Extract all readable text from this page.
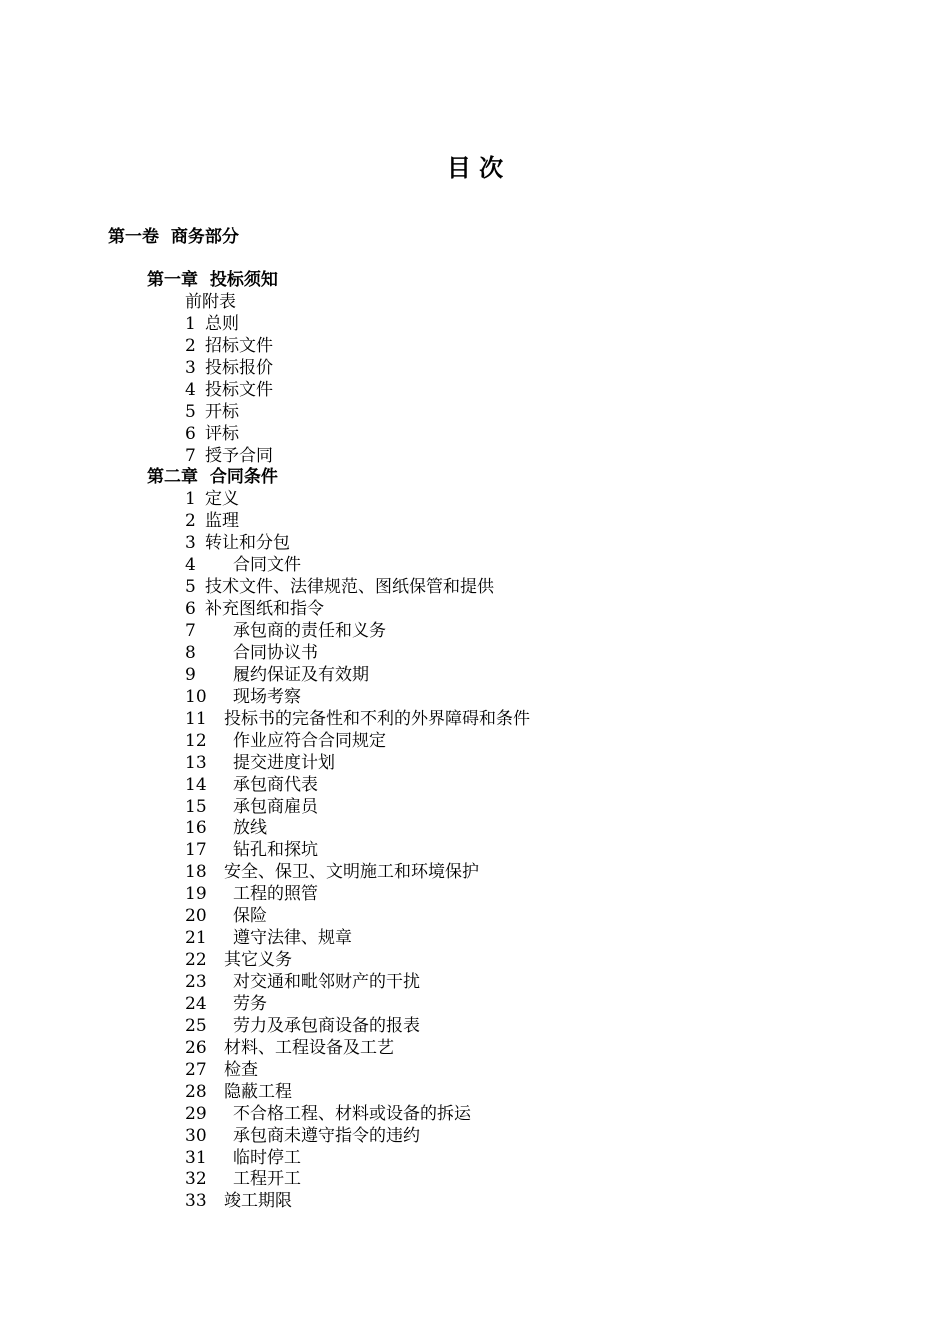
目 次
第一卷  商务部分

第一章  投标须知

前附表

1 总则
2 招标文件
3 投标报价
4 投标文件
5 开标
6 评标
7 授予合同

第二章  合同条件

1 定义
2 监理
3 转让和分包
4 合同文件
5 技术文件、法律规范、图纸保管和提供
6 补充图纸和指令
7 承包商的责任和义务
8 合同协议书
9 履约保证及有效期
10 现场考察
11 投标书的完备性和不利的外界障碍和条件
12 作业应符合合同规定
13 提交进度计划
14 承包商代表
15 承包商雇员
16 放线
17 钻孔和探坑
18 安全、保卫、文明施工和环境保护
19 工程的照管
20 保险
21 遵守法律、规章
22 其它义务
23 对交通和毗邻财产的干扰
24 劳务
25 劳力及承包商设备的报表
26 材料、工程设备及工艺
27 检查
28 隐蔽工程
29 不合格工程、材料或设备的拆运
30 承包商未遵守指令的违约
31 临时停工
32 工程开工
33 竣工期限
